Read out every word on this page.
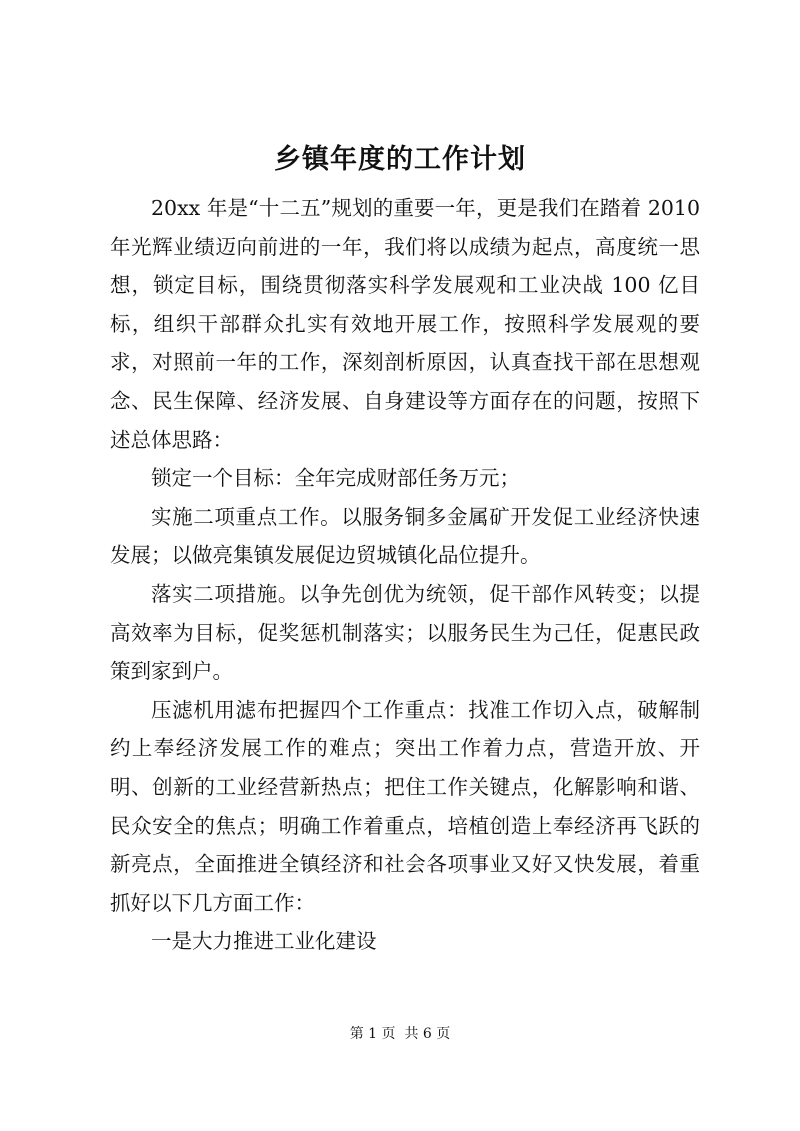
乡镇年度的工作计划

20xx 年是“十二五”规划的重要一年，更是我们在踏着 2010 年光辉业绩迈向前进的一年，我们将以成绩为起点，高度统一思想，锁定目标，围绕贯彻落实科学发展观和工业决战 100 亿目标，组织干部群众扎实有效地开展工作，按照科学发展观的要求，对照前一年的工作，深刻剖析原因，认真查找干部在思想观念、民生保障、经济发展、自身建设等方面存在的问题，按照下述总体思路：

锁定一个目标：全年完成财部任务万元；

实施二项重点工作。以服务铜多金属矿开发促工业经济快速发展；以做亮集镇发展促边贸城镇化品位提升。

落实二项措施。以争先创优为统领，促干部作风转变；以提高效率为目标，促奖惩机制落实；以服务民生为己任，促惠民政策到家到户。

压滤机用滤布把握四个工作重点：找准工作切入点，破解制约上奉经济发展工作的难点；突出工作着力点，营造开放、开明、创新的工业经营新热点；把住工作关键点，化解影响和谐、民众安全的焦点；明确工作着重点，培植创造上奉经济再飞跃的新亮点，全面推进全镇经济和社会各项事业又好又快发展，着重抓好以下几方面工作：

一是大力推进工业化建设

第 1 页  共 6 页
